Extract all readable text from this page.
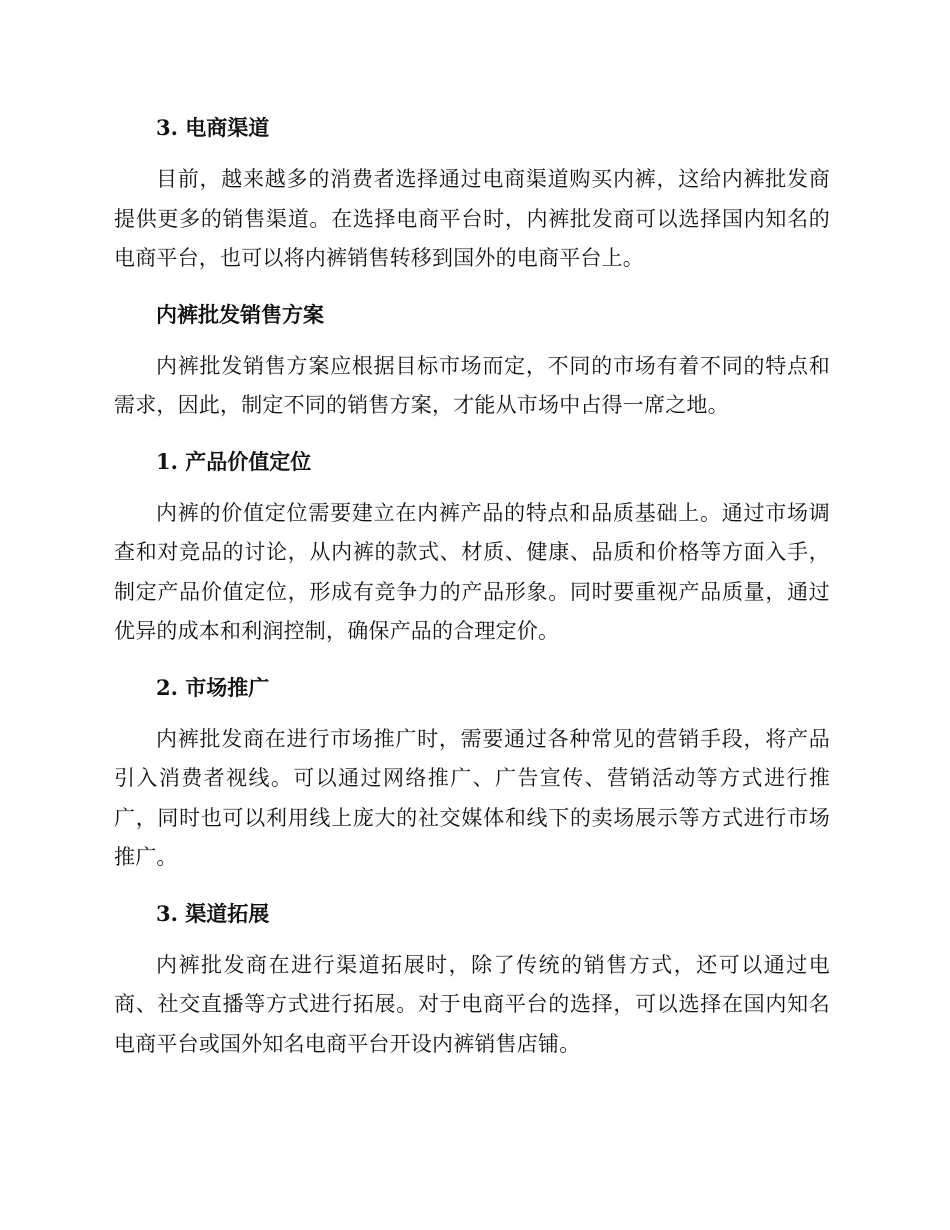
3. 电商渠道

目前，越来越多的消费者选择通过电商渠道购买内裤，这给内裤批发商提供更多的销售渠道。在选择电商平台时，内裤批发商可以选择国内知名的电商平台，也可以将内裤销售转移到国外的电商平台上。

内裤批发销售方案

内裤批发销售方案应根据目标市场而定，不同的市场有着不同的特点和需求，因此，制定不同的销售方案，才能从市场中占得一席之地。

1. 产品价值定位

内裤的价值定位需要建立在内裤产品的特点和品质基础上。通过市场调查和对竞品的讨论，从内裤的款式、材质、健康、品质和价格等方面入手，制定产品价值定位，形成有竞争力的产品形象。同时要重视产品质量，通过优异的成本和利润控制，确保产品的合理定价。

2. 市场推广

内裤批发商在进行市场推广时，需要通过各种常见的营销手段，将产品引入消费者视线。可以通过网络推广、广告宣传、营销活动等方式进行推广，同时也可以利用线上庞大的社交媒体和线下的卖场展示等方式进行市场推广。

3. 渠道拓展

内裤批发商在进行渠道拓展时，除了传统的销售方式，还可以通过电商、社交直播等方式进行拓展。对于电商平台的选择，可以选择在国内知名电商平台或国外知名电商平台开设内裤销售店铺。
